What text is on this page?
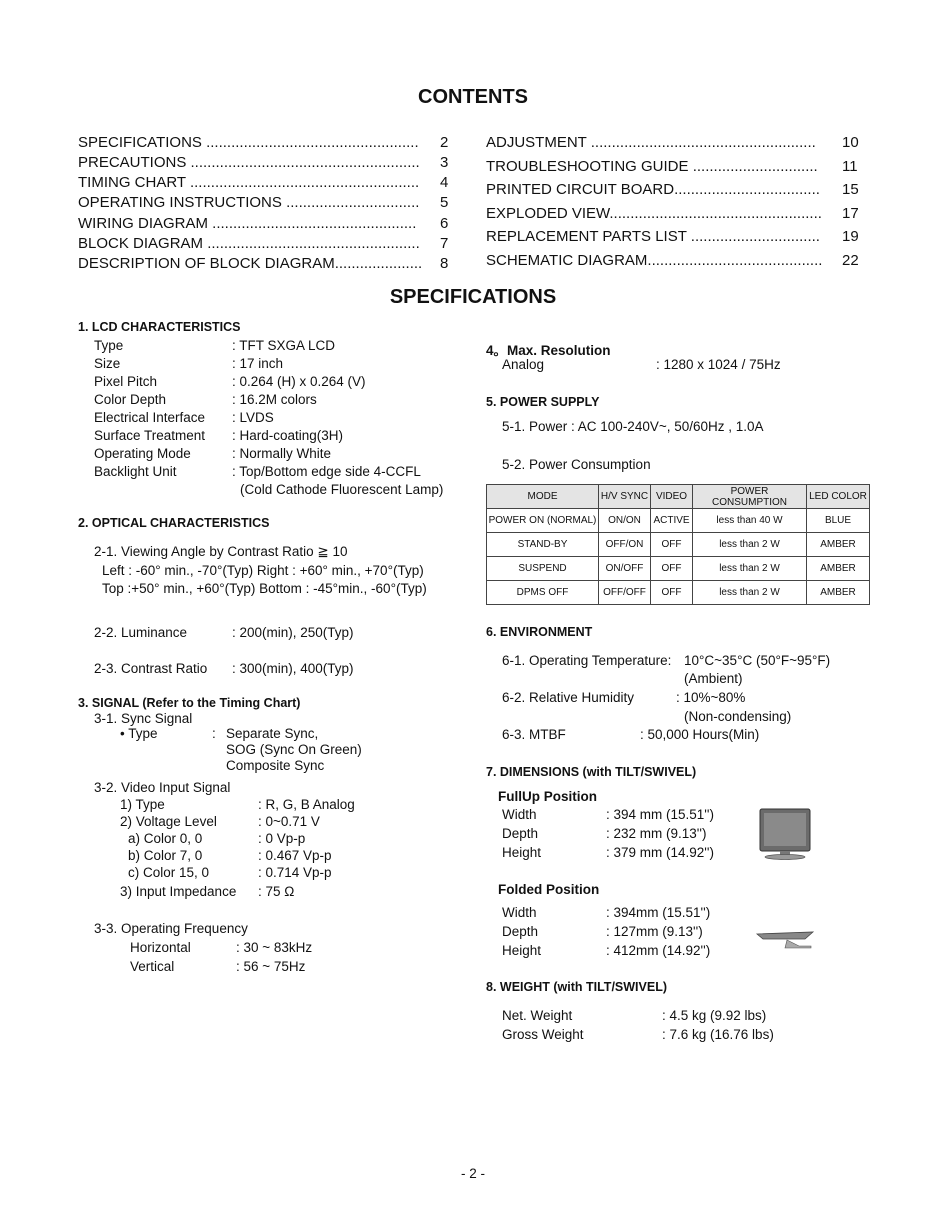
CONTENTS
SPECIFICATIONS ................................................... 2
PRECAUTIONS ....................................................... 3
TIMING CHART ....................................................... 4
OPERATING INSTRUCTIONS ................................ 5
WIRING DIAGRAM ................................................. 6
BLOCK DIAGRAM ................................................... 7
DESCRIPTION OF BLOCK DIAGRAM..................... 8
ADJUSTMENT ...................................................... 10
TROUBLESHOOTING GUIDE .............................. 11
PRINTED CIRCUIT BOARD................................... 15
EXPLODED VIEW................................................... 17
REPLACEMENT PARTS LIST ............................... 19
SCHEMATIC DIAGRAM.......................................... 22
SPECIFICATIONS
1. LCD CHARACTERISTICS
Type	: TFT SXGA LCD
Size	: 17 inch
Pixel Pitch	: 0.264 (H) x 0.264 (V)
Color Depth	: 16.2M colors
Electrical Interface : LVDS
Surface Treatment : Hard-coating(3H)
Operating Mode	: Normally White
Backlight Unit	: Top/Bottom edge side 4-CCFL
(Cold Cathode Fluorescent Lamp)
2. OPTICAL CHARACTERISTICS
2-1. Viewing Angle by Contrast Ratio ≧ 10
Left : -60° min., -70°(Typ) Right : +60° min., +70°(Typ)
Top :+50° min., +60°(Typ) Bottom : -45°min., -60°(Typ)
2-2. Luminance	: 200(min), 250(Typ)
2-3. Contrast Ratio : 300(min), 400(Typ)
3. SIGNAL (Refer to the Timing Chart)
3-1. Sync Signal
• Type	: Separate Sync,
SOG (Sync On Green)
Composite Sync
3-2. Video Input Signal
1) Type	: R, G, B Analog
2) Voltage Level	: 0~0.71 V
a) Color 0, 0	: 0 Vp-p
b) Color 7, 0	: 0.467 Vp-p
c) Color 15, 0	: 0.714 Vp-p
3) Input Impedance : 75 Ω
3-3. Operating Frequency
Horizontal	: 30 ~ 83kHz
Vertical	: 56 ~ 75Hz
4。Max. Resolution
Analog	: 1280 x 1024 / 75Hz
5. POWER SUPPLY
5-1. Power : AC 100-240V~, 50/60Hz , 1.0A
5-2. Power Consumption
MODE	H/V SYNC	VIDEO	POWER CONSUMPTION	LED COLOR
POWER ON (NORMAL)	ON/ON	ACTIVE	less than 40 W	BLUE
STAND-BY	OFF/ON	OFF	less than 2 W	AMBER
SUSPEND	ON/OFF	OFF	less than 2 W	AMBER
DPMS OFF	OFF/OFF	OFF	less than 2 W	AMBER
6. ENVIRONMENT
6-1. Operating Temperature: 10°C~35°C (50°F~95°F)
(Ambient)
6-2. Relative Humidity	: 10%~80%
(Non-condensing)
6-3. MTBF	: 50,000 Hours(Min)
7. DIMENSIONS (with TILT/SWIVEL)
FullUp Position
Width	: 394 mm (15.51'')
Depth	: 232 mm (9.13'')
Height	: 379 mm (14.92'')
Folded Position
Width	: 394mm (15.51'')
Depth	: 127mm (9.13'')
Height	: 412mm (14.92'')
8. WEIGHT (with TILT/SWIVEL)
Net. Weight	: 4.5 kg (9.92 lbs)
Gross Weight	: 7.6 kg (16.76 lbs)
- 2 -
